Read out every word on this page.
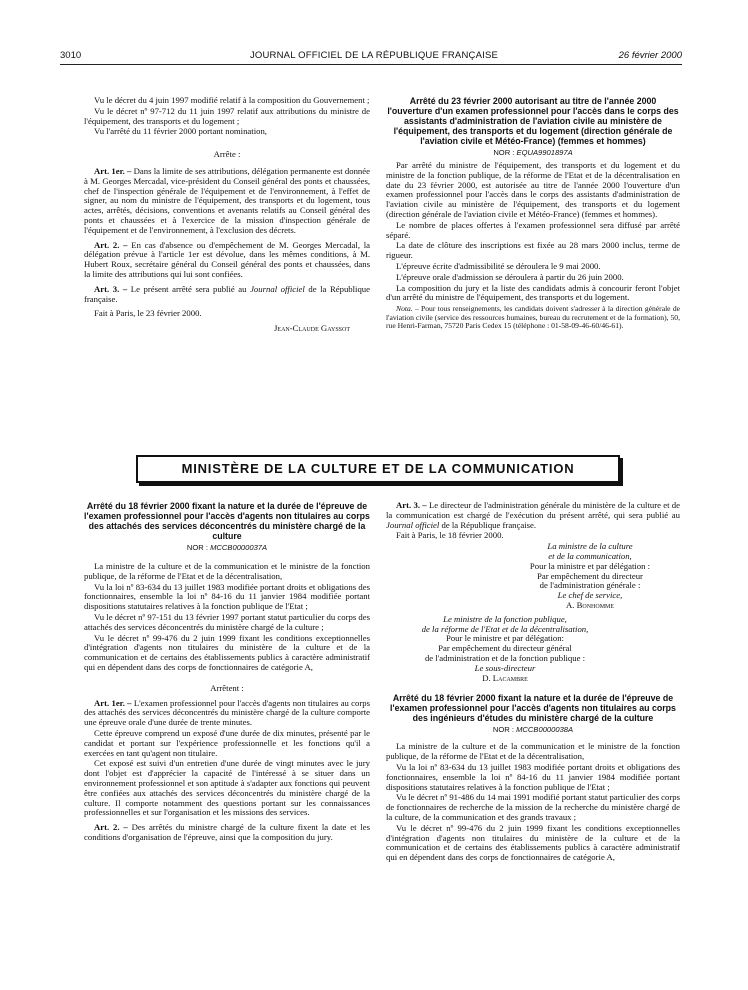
3010	JOURNAL OFFICIEL DE LA RÉPUBLIQUE FRANÇAISE	26 février 2000

Vu le décret du 4 juin 1997 modifié relatif à la composition du Gouvernement ;

Vu le décret nº 97-712 du 11 juin 1997 relatif aux attributions du ministre de l'équipement, des transports et du logement ;

Vu l'arrêté du 11 février 2000 portant nomination,

Arrête :

Art. 1er. – Dans la limite de ses attributions, délégation permanente est donnée à M. Georges Mercadal, vice-président du Conseil général des ponts et chaussées, chef de l'inspection générale de l'équipement et de l'environnement, à l'effet de signer, au nom du ministre de l'équipement, des transports et du logement, tous actes, arrêtés, décisions, conventions et avenants relatifs au Conseil général des ponts et chaussées et à l'exercice de la mission d'inspection générale de l'équipement et de l'environnement, à l'exclusion des décrets.

Art. 2. – En cas d'absence ou d'empêchement de M. Georges Mercadal, la délégation prévue à l'article 1er est dévolue, dans les mêmes conditions, à M. Hubert Roux, secrétaire général du Conseil général des ponts et chaussées, dans la limite des attributions qui lui sont confiées.

Art. 3. – Le présent arrêté sera publié au Journal officiel de la République française.

Fait à Paris, le 23 février 2000.

Jean-Claude Gayssot

Arrêté du 23 février 2000 autorisant au titre de l'année 2000 l'ouverture d'un examen professionnel pour l'accès dans le corps des assistants d'administration de l'aviation civile au ministère de l'équipement, des transports et du logement (direction générale de l'aviation civile et Météo-France) (femmes et hommes)

NOR : EQUA9901897A

Par arrêté du ministre de l'équipement, des transports et du logement et du ministre de la fonction publique, de la réforme de l'Etat et de la décentralisation en date du 23 février 2000, est autorisée au titre de l'année 2000 l'ouverture d'un examen professionnel pour l'accès dans le corps des assistants d'administration de l'aviation civile au ministère de l'équipement, des transports et du logement (direction générale de l'aviation civile et Météo-France) (femmes et hommes).

Le nombre de places offertes à l'examen professionnel sera diffusé par arrêté séparé.

La date de clôture des inscriptions est fixée au 28 mars 2000 inclus, terme de rigueur.

L'épreuve écrite d'admissibilité se déroulera le 9 mai 2000.

L'épreuve orale d'admission se déroulera à partir du 26 juin 2000.

La composition du jury et la liste des candidats admis à concourir feront l'objet d'un arrêté du ministre de l'équipement, des transports et du logement.

Nota. – Pour tous renseignements, les candidats doivent s'adresser à la direction générale de l'aviation civile (service des ressources humaines, bureau du recrutement et de la formation), 50, rue Henri-Farman, 75720 Paris Cedex 15 (téléphone : 01-58-09-46-60/46-61).

MINISTÈRE DE LA CULTURE ET DE LA COMMUNICATION

Arrêté du 18 février 2000 fixant la nature et la durée de l'épreuve de l'examen professionnel pour l'accès d'agents non titulaires au corps des attachés des services déconcentrés du ministère chargé de la culture

NOR : MCCB0000037A

La ministre de la culture et de la communication et le ministre de la fonction publique, de la réforme de l'Etat et de la décentralisation,

Vu la loi nº 83-634 du 13 juillet 1983 modifiée portant droits et obligations des fonctionnaires, ensemble la loi nº 84-16 du 11 janvier 1984 modifiée portant dispositions statutaires relatives à la fonction publique de l'Etat ;

Vu le décret nº 97-151 du 13 février 1997 portant statut particulier du corps des attachés des services déconcentrés du ministère chargé de la culture ;

Vu le décret nº 99-476 du 2 juin 1999 fixant les conditions exceptionnelles d'intégration d'agents non titulaires du ministère de la culture et de la communication et de certains des établissements publics à caractère administratif qui en dépendent dans des corps de fonctionnaires de catégorie A,

Arrêtent :

Art. 1er. – L'examen professionnel pour l'accès d'agents non titulaires au corps des attachés des services déconcentrés du ministère chargé de la culture comporte une épreuve orale d'une durée de trente minutes.

Cette épreuve comprend un exposé d'une durée de dix minutes, présenté par le candidat et portant sur l'expérience professionnelle et les fonctions qu'il a exercées en tant qu'agent non titulaire.

Cet exposé est suivi d'un entretien d'une durée de vingt minutes avec le jury dont l'objet est d'apprécier la capacité de l'intéressé à se situer dans un environnement professionnel et son aptitude à s'adapter aux fonctions qui peuvent être confiées aux attachés des services déconcentrés du ministère chargé de la culture. Il comporte notamment des questions portant sur les connaissances professionnelles et sur l'organisation et les missions des services.

Art. 2. – Des arrêtés du ministre chargé de la culture fixent la date et les conditions d'organisation de l'épreuve, ainsi que la composition du jury.

Art. 3. – Le directeur de l'administration générale du ministère de la culture et de la communication est chargé de l'exécution du présent arrêté, qui sera publié au Journal officiel de la République française.

Fait à Paris, le 18 février 2000.

La ministre de la culture
et de la communication,
Pour la ministre et par délégation :
Par empêchement du directeur
de l'administration générale :
Le chef de service,
A. Bonhomme
Le ministre de la fonction publique,
de la réforme de l'Etat et de la décentralisation,
Pour le ministre et par délégation:
Par empêchement du directeur général
de l'administration et de la fonction publique :
Le sous-directeur
D. Lacambre

Arrêté du 18 février 2000 fixant la nature et la durée de l'épreuve de l'examen professionnel pour l'accès d'agents non titulaires au corps des ingénieurs d'études du ministère chargé de la culture

NOR : MCCB0000038A

La ministre de la culture et de la communication et le ministre de la fonction publique, de la réforme de l'Etat et de la décentralisation,

Vu la loi nº 83-634 du 13 juillet 1983 modifiée portant droits et obligations des fonctionnaires, ensemble la loi nº 84-16 du 11 janvier 1984 modifiée portant dispositions statutaires relatives à la fonction publique de l'Etat ;

Vu le décret nº 91-486 du 14 mai 1991 modifié portant statut particulier des corps de fonctionnaires de recherche de la mission de la recherche du ministère chargé de la culture, de la communication et des grands travaux ;

Vu le décret nº 99-476 du 2 juin 1999 fixant les conditions exceptionnelles d'intégration d'agents non titulaires du ministère de la culture et de la communication et de certains des établissements publics à caractère administratif qui en dépendent dans des corps de fonctionnaires de catégorie A,
